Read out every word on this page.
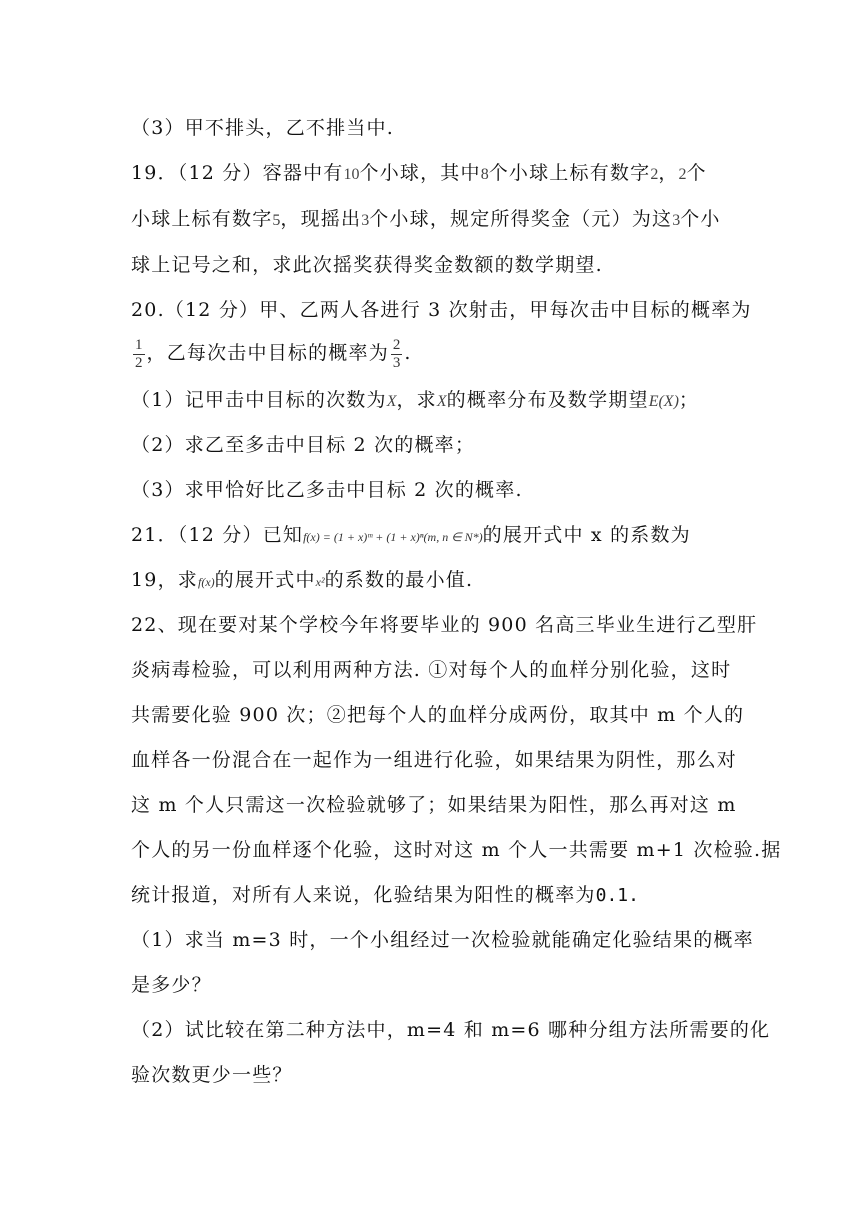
（3）甲不排头，乙不排当中.
19．（12 分）容器中有10个小球，其中8个小球上标有数字2，2个
小球上标有数字5，现摇出3个小球，规定所得奖金（元）为这3个小
球上记号之和，求此次摇奖获得奖金数额的数学期望.
20.（12 分）甲、乙两人各进行 3 次射击，甲每次击中目标的概率为
$\frac{1}{2}$ ，乙每次击中目标的概率为 $\frac{2}{3}$ .
（1）记甲击中目标的次数为X，求X的概率分布及数学期望E(X)；
（2）求乙至多击中目标 2 次的概率；
（3）求甲恰好比乙多击中目标 2 次的概率.
21．（12 分）已知f(x) = (1 + x)ᵐ + (1 + x)ⁿ(m, n ∈ N*)的展开式中 x 的系数为
19，求f(x)的展开式中x²的系数的最小值.
22、现在要对某个学校今年将要毕业的 900 名高三毕业生进行乙型肝
炎病毒检验，可以利用两种方法. ①对每个人的血样分别化验，这时
共需要化验 900 次；②把每个人的血样分成两份，取其中 m 个人的
血样各一份混合在一起作为一组进行化验，如果结果为阴性，那么对
这 m 个人只需这一次检验就够了；如果结果为阳性，那么再对这 m
个人的另一份血样逐个化验，这时对这 m 个人一共需要 m+1 次检验.据
统计报道，对所有人来说，化验结果为阳性的概率为0.1.
（1）求当 m=3 时，一个小组经过一次检验就能确定化验结果的概率
是多少？
（2）试比较在第二种方法中，m=4 和 m=6 哪种分组方法所需要的化
验次数更少一些？
